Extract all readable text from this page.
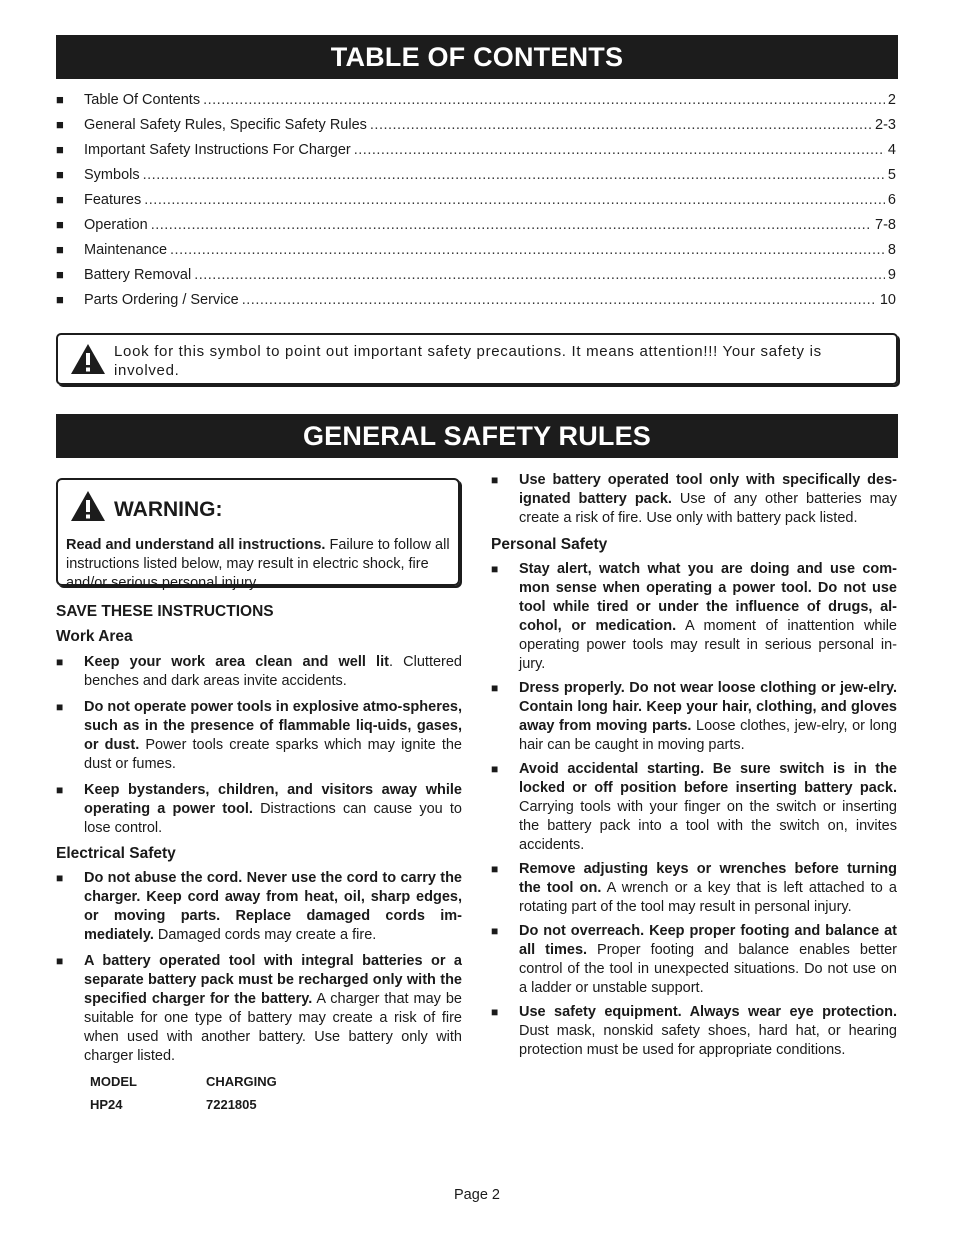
TABLE OF CONTENTS
■	Table Of Contents .....	2
■	General Safety Rules, Specific Safety Rules .....	2-3
■	Important Safety Instructions For Charger .....	4
■	Symbols .....	5
■	Features .....	6
■	Operation .....	7-8
■	Maintenance .....	8
■	Battery Removal .....	9
■	Parts Ordering / Service .....	10
Look for this symbol to point out important safety precautions. It means attention!!! Your safety is involved.
GENERAL SAFETY RULES
WARNING:
Read and understand all instructions. Failure to follow all instructions listed below, may result in electric shock, fire and/or serious personal injury.

SAVE THESE INSTRUCTIONS

Work Area

■	Keep your work area clean and well lit. Cluttered benches and dark areas invite accidents.
■	Do not operate power tools in explosive atmo-spheres, such as in the presence of flammable liq-uids, gases, or dust. Power tools create sparks which may ignite the dust or fumes.
■	Keep bystanders, children, and visitors away while operating a power tool. Distractions can cause you to lose control.

Electrical Safety

■	Do not abuse the cord. Never use the cord to carry the charger. Keep cord away from heat, oil, sharp edges, or moving parts. Replace damaged cords im-mediately. Damaged cords may create a fire.
■	A battery operated tool with integral batteries or a separate battery pack must be recharged only with the specified charger for the battery. A charger that may be suitable for one type of battery may create a risk of fire when used with another battery. Use battery only with charger listed.
MODEL	CHARGING
HP24	7221805
■	Use battery operated tool only with specifically des-ignated battery pack. Use of any other batteries may create a risk of fire. Use only with battery pack listed.

Personal Safety

■	Stay alert, watch what you are doing and use com-mon sense when operating a power tool. Do not use tool while tired or under the influence of drugs, al-cohol, or medication. A moment of inattention while operating power tools may result in serious personal in-jury.
■	Dress properly. Do not wear loose clothing or jew-elry. Contain long hair. Keep your hair, clothing, and gloves away from moving parts. Loose clothes, jew-elry, or long hair can be caught in moving parts.
■	Avoid accidental starting. Be sure switch is in the locked or off position before inserting battery pack. Carrying tools with your finger on the switch or inserting the battery pack into a tool with the switch on, invites accidents.
■	Remove adjusting keys or wrenches before turning the tool on. A wrench or a key that is left attached to a rotating part of the tool may result in personal injury.
■	Do not overreach. Keep proper footing and balance at all times. Proper footing and balance enables better control of the tool in unexpected situations. Do not use on a ladder or unstable support.
■	Use safety equipment. Always wear eye protection. Dust mask, nonskid safety shoes, hard hat, or hearing protection must be used for appropriate conditions.
Page 2
